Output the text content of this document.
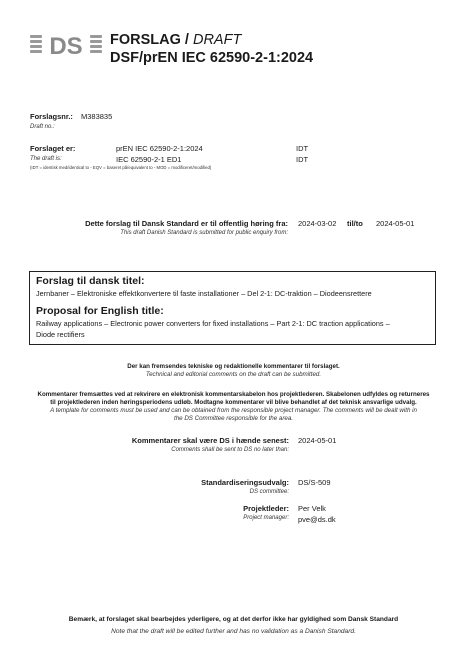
DS FORSLAG / DRAFT
DSF/prEN IEC 62590-2-1:2024
Forslagsnr.: M383835
Draft no.:
Forslaget er:	prEN IEC 62590-2-1:2024	IDT
The draft is:	IEC 62590-2-1 ED1	IDT
(IDT = identisk med/identical to - EQV = baseret på/equivalent to - MOD = modificeret/modified)
Dette forslag til Dansk Standard er til offentlig høring fra: 2024-03-02 til/to 2024-05-01
This draft Danish Standard is submitted for public enquiry from:
Forslag til dansk titel:
Jernbaner – Elektroniske effektkonvertere til faste installationer – Del 2-1: DC-traktion – Diodeensrettere
Proposal for English title:
Railway applications – Electronic power converters for fixed installations – Part 2-1: DC traction applications –
Diode rectifiers
Der kan fremsendes tekniske og redaktionelle kommentarer til forslaget.
Technical and editorial comments on the draft can be submitted.
Kommentarer fremsættes ved at rekvirere en elektronisk kommentarskabelon hos projektlederen. Skabelonen udfyldes og returneres
til projektlederen inden høringsperiodens udløb. Modtagne kommentarer vil blive behandlet af det teknisk ansvarlige udvalg.
A template for comments must be used and can be obtained from the responsible project manager. The comments will be dealt with in
the DS Committee responsible for the area.
Kommentarer skal være DS i hænde senest: 2024-05-01
Comments shall be sent to DS no later than:
Standardiseringsudvalg: DS/S-509
DS committee:
Projektleder: Per Velk
Project manager: pve@ds.dk
Bemærk, at forslaget skal bearbejdes yderligere, og at det derfor ikke har gyldighed som Dansk Standard
Note that the draft will be edited further and has no validation as a Danish Standard.
